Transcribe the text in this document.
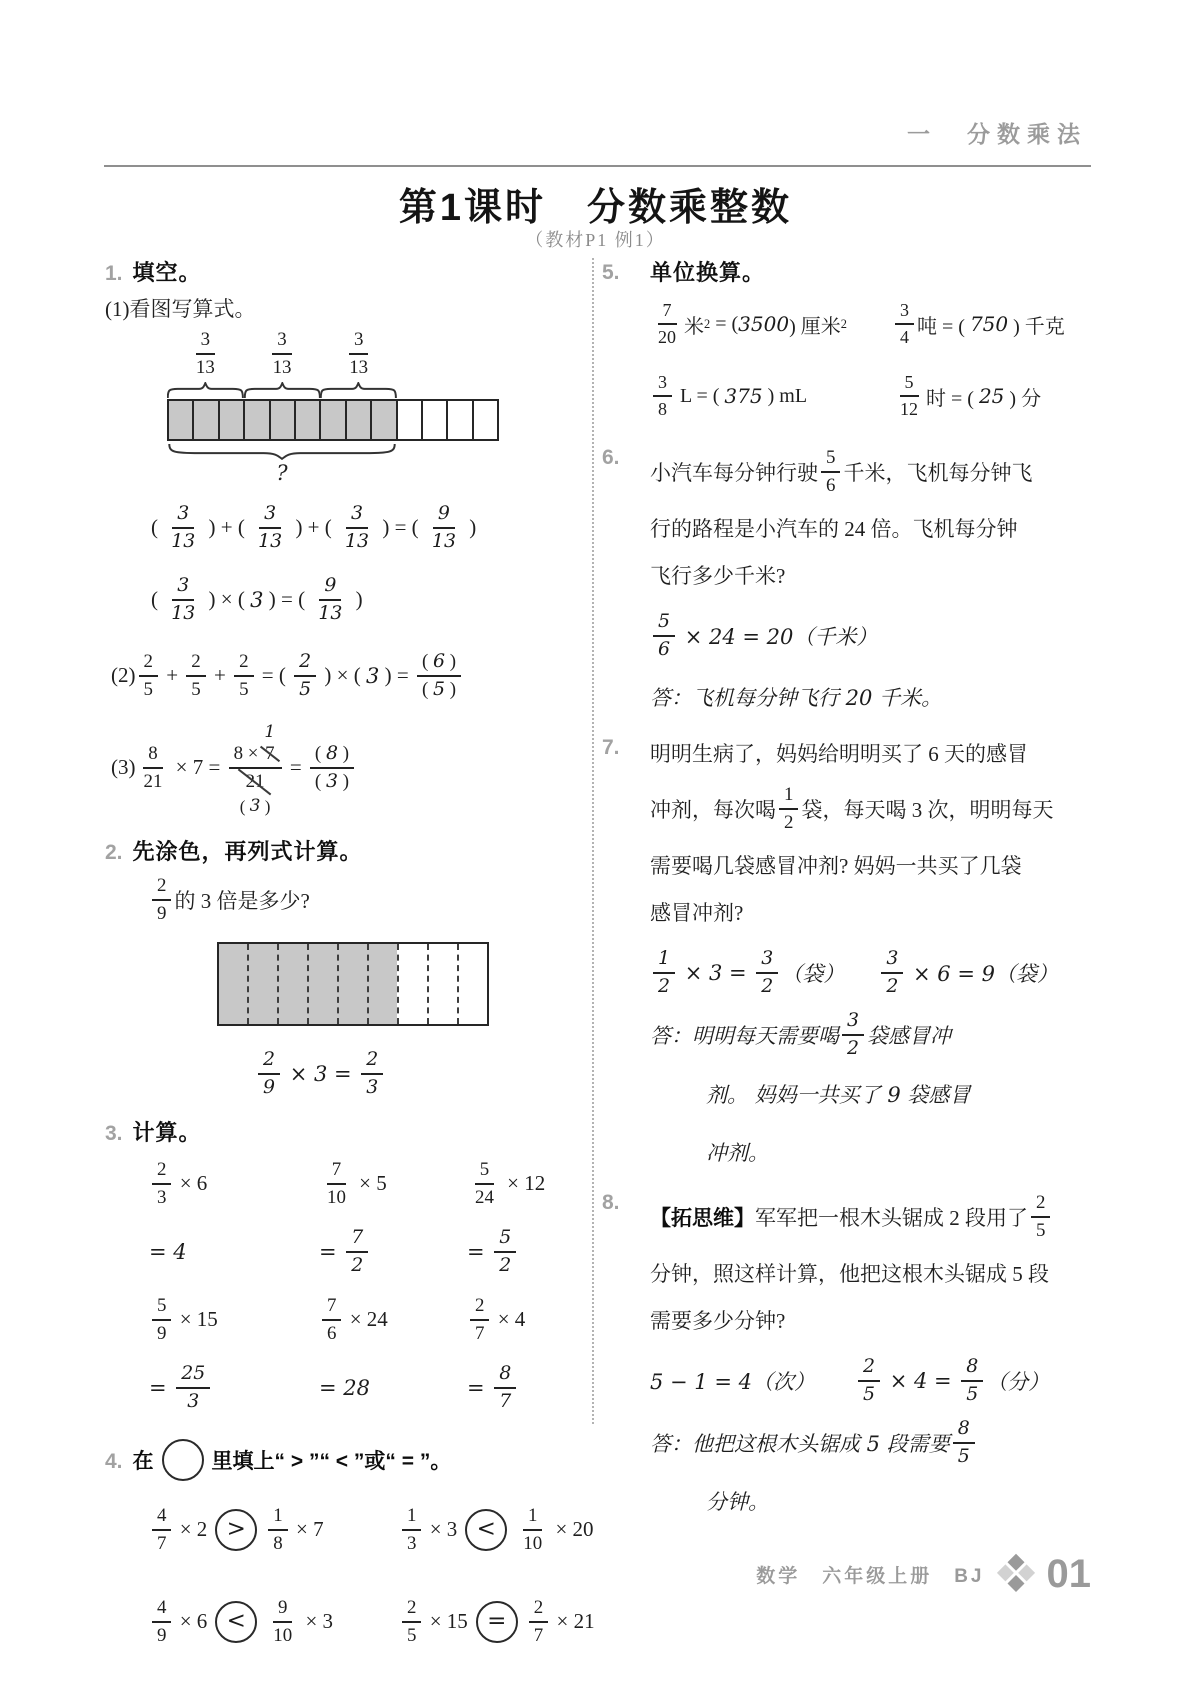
一　分数乘法
第1课时　分数乘整数
（教材P1 例1）
1. 填空。
(1)看图写算式。
$\frac{3}{13}$	$\frac{3}{13}$	$\frac{3}{13}$
?
( $\frac{3}{13}$ ) + ( $\frac{3}{13}$ ) + ( $\frac{3}{13}$ ) = ( $\frac{9}{13}$ )
( $\frac{3}{13}$ ) × ( 3 ) = ( $\frac{9}{13}$ )
$(2) \frac{2}{5} + \frac{2}{5} + \frac{2}{5}$ = ( $\frac{2}{5}$ ) × ( 3 ) = $\frac{( 6 )}{( 5 )}$
$(3) \frac{8}{21} \times 7 = 8 \times 7$
1
21
( 3 ) = $\frac{( 8 )}{( 3 )}$
2. 先涂色，再列式计算。
$\frac{2}{9}$ 的 3 倍是多少?
$\frac{2}{9} \times 3 = \frac{2}{3}$
3. 计算。
$\frac{2}{3} \times 6$	$\frac{7}{10} \times 5$	$\frac{5}{24} \times 12$
= 4	= $\frac{7}{2}$	= $\frac{5}{2}$
$\frac{5}{9} \times 15$	$\frac{7}{6} \times 24$	$\frac{2}{7} \times 4$
= $\frac{25}{3}$	= 28	= $\frac{8}{7}$
4. 在	里填上“ > ”“ < ”或“ = ”。
$\frac{4}{7} \times 2 > \frac{1}{8} \times 7$	$\frac{1}{3} \times 3 < \frac{1}{10} \times 20$
$\frac{4}{9} \times 6 < \frac{9}{10} \times 3$	$\frac{2}{5} \times 15 = \frac{2}{7} \times 21$
5. 单位换算。
$\frac{7}{20}$ 米 2 = ( 3500 ) 厘米 2	$\frac{3}{4}$ 吨 = ( 750 ) 千克
$\frac{3}{8}$ L = ( 375 ) mL	$\frac{5}{12}$ 时 = ( 25 ) 分
6.
小汽车每分钟行驶 $\frac{5}{6}$ 千米，飞机每分钟飞
行的路程是小汽车的 24 倍。飞机每分钟
飞行多少千米?
$\frac{5}{6} \times 24 = 20$（千米）
答：飞机每分钟飞行 20 千米。
7. 明明生病了，妈妈给明明买了 6 天的感冒
冲剂，每次喝 $\frac{1}{2}$ 袋，每天喝 3 次，明明每天
需要喝几袋感冒冲剂? 妈妈一共买了几袋
感冒冲剂?
$\frac{1}{2} \times 3 = \frac{3}{2}$ （袋） $\frac{3}{2} \times 6 = 9$（袋）
答：明明每天需要喝 $\frac{3}{2}$ 袋感冒冲
剂。 妈妈一共买了 9 袋感冒
冲剂。
8.
【拓思维】 军军把一根木头锯成 2 段用了 $\frac{2}{5}$
分钟，照这样计算，他把这根木头锯成 5 段
需要多少分钟?
5 − 1 = 4（次） $\frac{2}{5} \times 4 = \frac{8}{5}$ （分）
答：他把这根木头锯成 5 段需要 $\frac{8}{5}$
分钟。
数学　六年级上册　BJ 01
